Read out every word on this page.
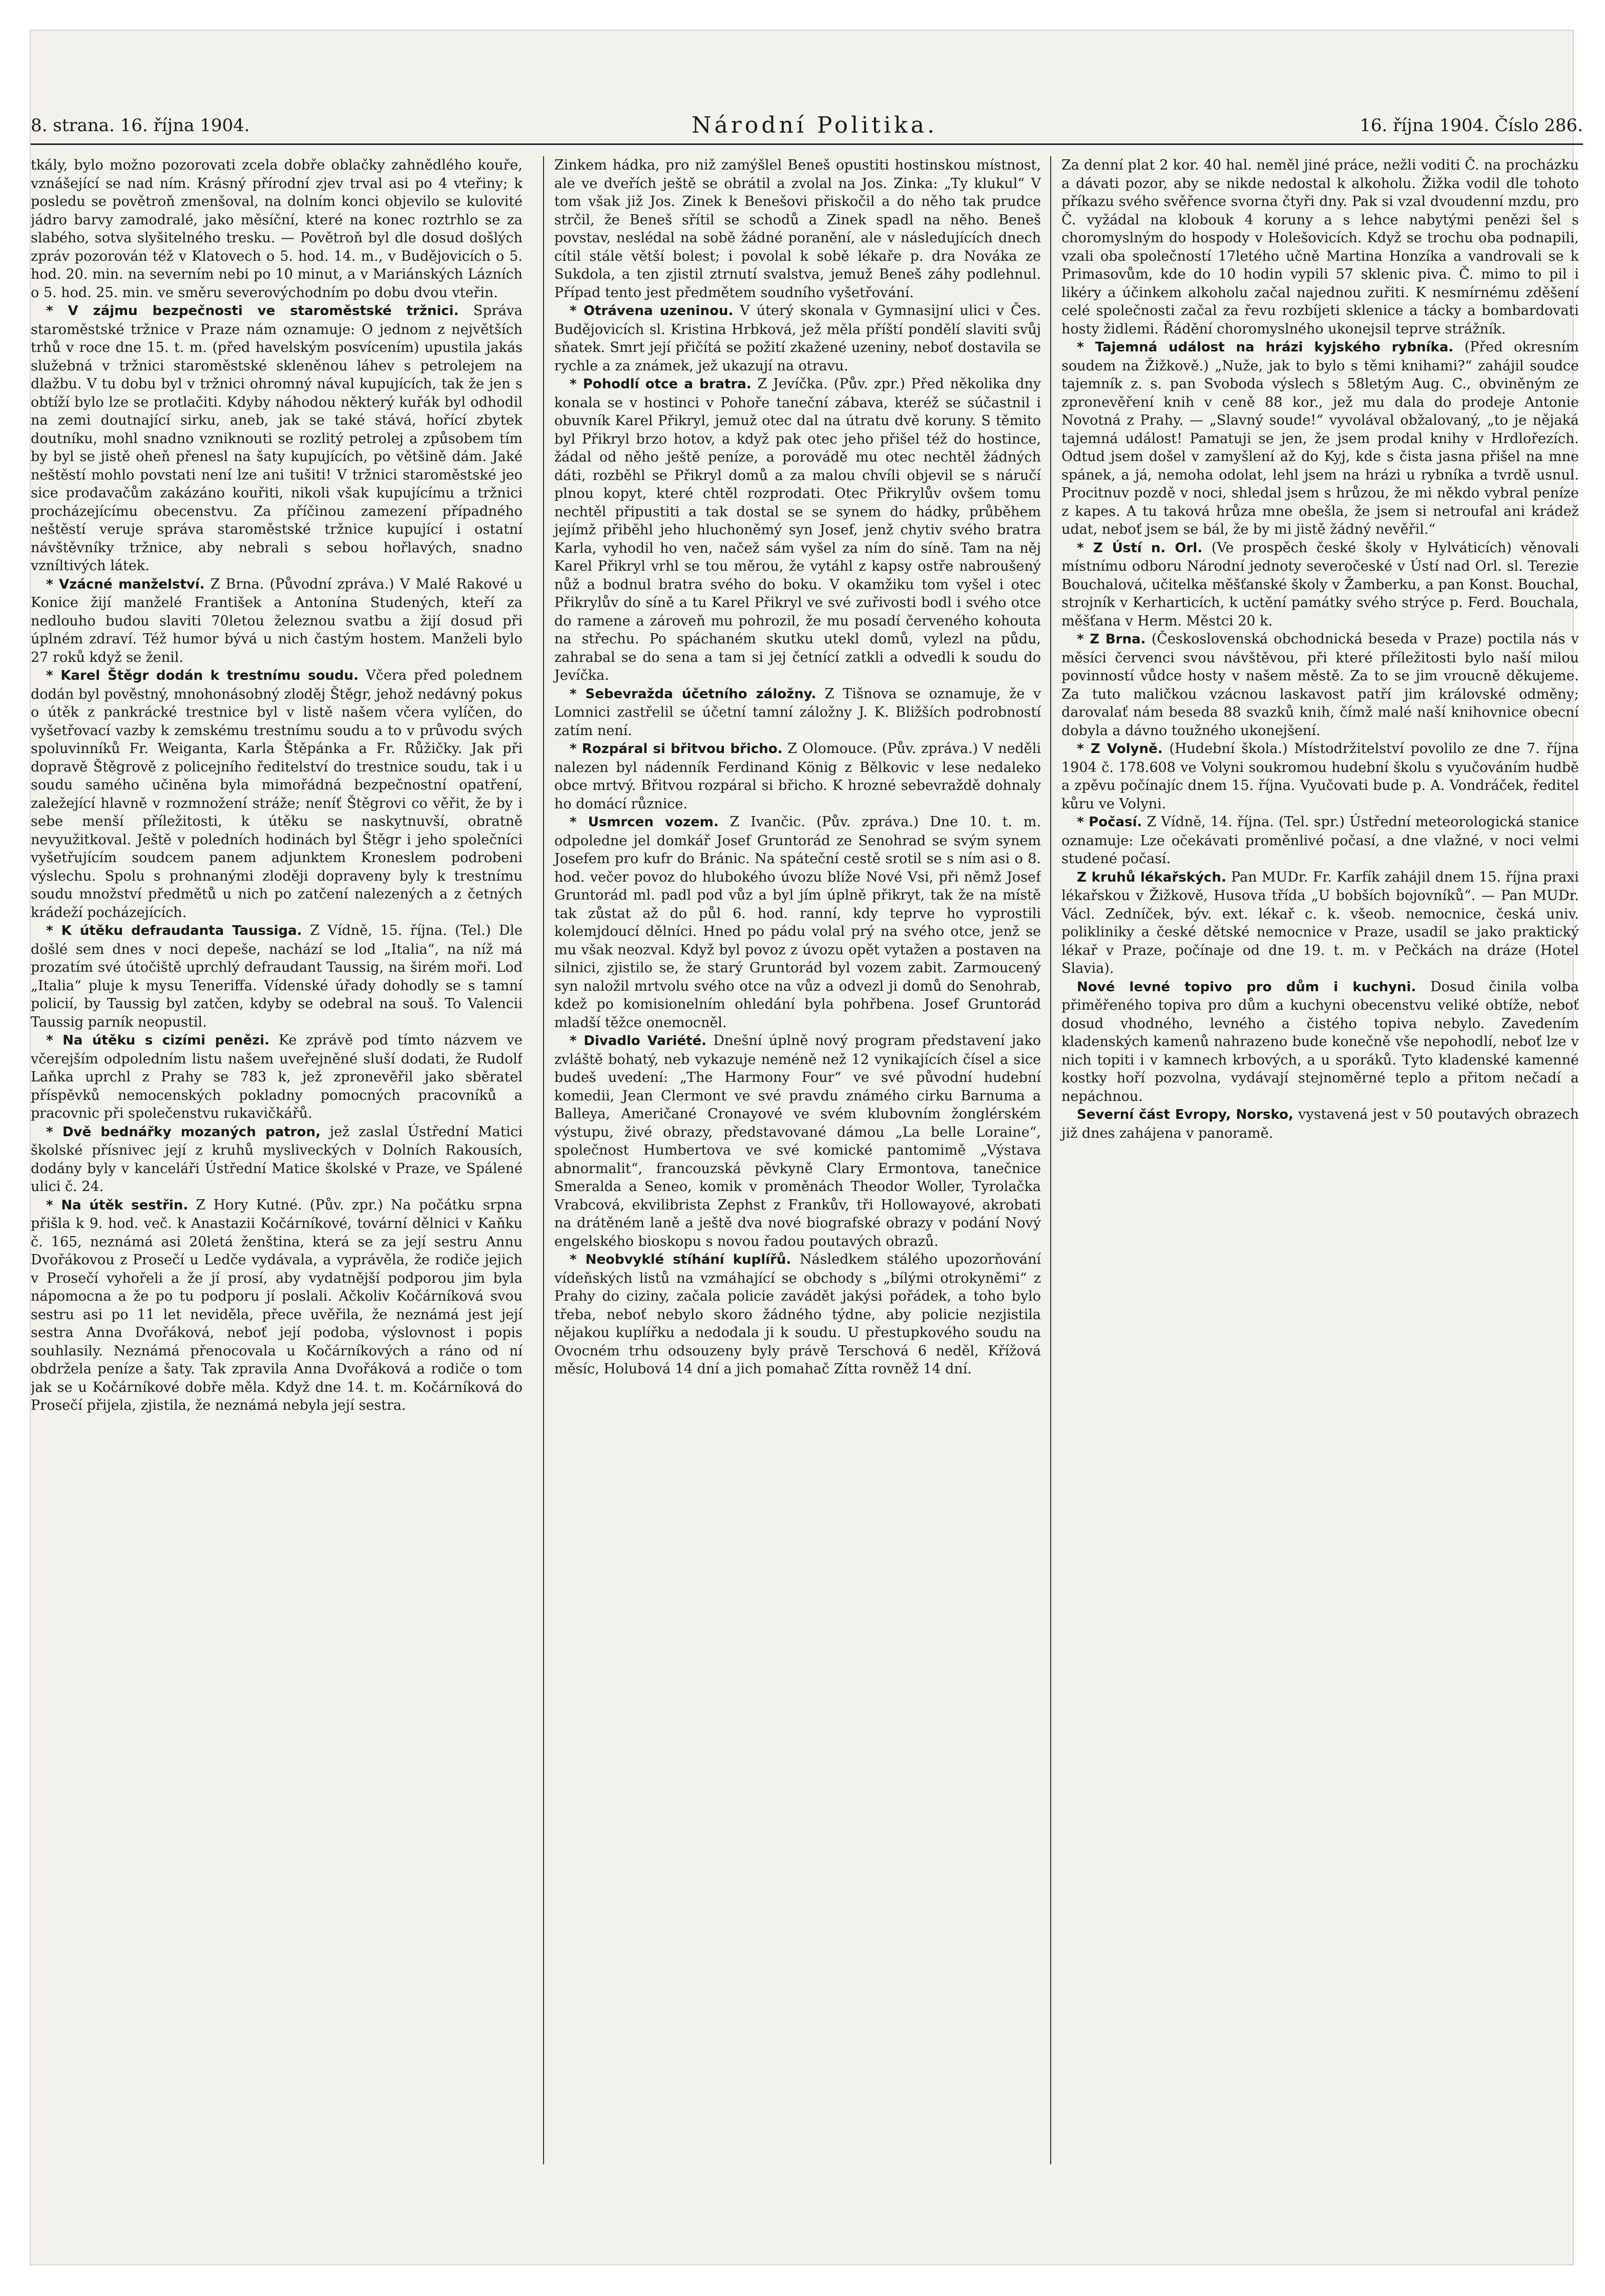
8. strana. 16. října 1904.	Národní Politika.	16. října 1904. Číslo 286.

tkály, bylo možno pozorovati zcela dobře oblačky zahnědlého kouře, vznášející se nad ním. Krásný přírodní zjev trval asi po 4 vteřiny; k posledu se povětroň zmenšoval, na dolním konci objevilo se kulovité jádro barvy zamodralé, jako měsíční, které na konec roztrhlo se za slabého, sotva slyšitelného tresku. — Povětroň byl dle dosud došlých zpráv pozorován též v Klatovech o 5. hod. 14. m., v Budějovicích o 5. hod. 20. min. na severním nebi po 10 minut, a v Mariánských Lázních o 5. hod. 25. min. ve směru severovýchodním po dobu dvou vteřin.

* V zájmu bezpečnosti ve staroměstské tržnici. Správa staroměstské tržnice v Praze nám oznamuje: O jednom z největších trhů v roce dne 15. t. m. (před havelským posvícením) upustila jakás služebná v tržnici staroměstské skleněnou láhev s petrolejem na dlažbu. V tu dobu byl v tržnici ohromný nával kupujících, tak že jen s obtíží bylo lze se protlačiti. Kdyby náhodou některý kuřák byl odhodil na zemi doutnající sirku, aneb, jak se také stává, hořící zbytek doutníku, mohl snadno vzniknouti se rozlitý petrolej a způsobem tím by byl se jistě oheň přenesl na šaty kupujících, po většině dám. Jaké neštěstí mohlo povstati není lze ani tušiti! V tržnici staroměstské jeo sice prodavačům zakázáno kouřiti, nikoli však kupujícímu a tržnici procházejícímu obecenstvu. Za příčinou zamezení případného neštěstí veruje správa staroměstské tržnice kupující i ostatní návštěvníky tržnice, aby nebrali s sebou hořlavých, snadno vzníltivých látek.

* Vzácné manželství. Z Brna. (Původní zpráva.) V Malé Rakové u Konice žijí manželé František a Antonína Studených, kteří za nedlouho budou slaviti 70letou železnou svatbu a žijí dosud při úplném zdraví. Též humor bývá u nich častým hostem. Manželi bylo 27 roků když se ženil.

* Karel Štěgr dodán k trestnímu soudu. Včera před polednem dodán byl pověstný, mnohonásobný zloděj Štěgr, jehož nedávný pokus o útěk z pankrácké trestnice byl v listě našem včera vylíčen, do vyšetřovací vazby k zemskému trestnímu soudu a to v průvodu svých spoluvinníků Fr. Weiganta, Karla Štěpánka a Fr. Růžičky. Jak při dopravě Štěgrově z policejního ředitelství do trestnice soudu, tak i u soudu samého učiněna byla mimořádná bezpečnostní opatření, zaležející hlavně v rozmnožení stráže; neníť Štěgrovi co věřit, že by i sebe menší příležitosti, k útěku se naskytnuvší, obratně nevyužitkoval. Ještě v poledních hodinách byl Štěgr i jeho společníci vyšetřujícím soudcem panem adjunktem Kroneslem podrobeni výslechu. Spolu s prohnanými zloději dopraveny byly k trestnímu soudu množství předmětů u nich po zatčení nalezených a z četných krádeží pocházejících.

* K útěku defraudanta Taussiga. Z Vídně, 15. října. (Tel.) Dle došlé sem dnes v noci depeše, nachází se lod „Italia“, na níž má prozatím své útočiště uprchlý defraudant Taussig, na širém moři. Loď „Italia“ pluje k mysu Teneriffa. Vídenské úřady dohodly se s tamní policií, by Taussig byl zatčen, kdyby se odebral na souš. To Valencii Taussig parník neopustil.

* Na útěku s cizími penězi. Ke zprávě pod tímto názvem ve včerejším odpoledním listu našem uveřejněné sluší dodati, že Rudolf Laňka uprchl z Prahy se 783 k, jež zpronevěřil jako sběratel příspěvků nemocenských pokladny pomocných pracovníků a pracovnic při společenstvu rukavičkářů.

* Dvě bednářky mozaných patron, jež zaslal Ústřední Matici školské přísnivec její z kruhů mysliveckých v Dolních Rakousích, dodány byly v kanceláři Ústřední Matice školské v Praze, ve Spálené ulici č. 24.

* Na útěk sestřin. Z Hory Kutné. (Pův. zpr.) Na počátku srpna přišla k 9. hod. več. k Anastazii Kočárníkové, tovární dělnici v Kaňku č. 165, neznámá asi 20letá ženština, která se za její sestru Annu Dvořákovou z Prosečí u Ledče vydávala, a vyprávěla, že rodiče jejich v Prosečí vyhořeli a že jí prosí, aby vydatnější podporou jim byla nápomocna a že po tu podporu jí poslali. Ačkoliv Kočárníková svou sestru asi po 11 let neviděla, přece uvěřila, že neznámá jest její sestra Anna Dvořáková, neboť její podoba, výslovnost i popis souhlasily. Neznámá přenocovala u Kočárníkových a ráno od ní obdržela peníze a šaty. Tak zpravila Anna Dvořáková a rodiče o tom jak se u Kočárníkové dobře měla. Když dne 14. t. m. Kočárníková do Prosečí přijela, zjistila, že neznámá nebyla její sestra.

Zinkem hádka, pro niž zamýšlel Beneš opustiti hostinskou místnost, ale ve dveřích ještě se obrátil a zvolal na Jos. Zinka: „Ty klukul“ V tom však již Jos. Zinek k Benešovi přiskočil a do něho tak prudce strčil, že Beneš sřítil se schodů a Zinek spadl na něho. Beneš povstav, neslédal na sobě žádné poranění, ale v následujících dnech cítil stále větší bolest; i povolal k sobě lékaře p. dra Nováka ze Sukdola, a ten zjistil ztrnutí svalstva, jemuž Beneš záhy podlehnul. Případ tento jest předmětem soudního vyšetřování.

* Otrávena uzeninou. V úterý skonala v Gymnasijní ulici v Čes. Budějovicích sl. Kristina Hrbková, jež měla příští pondělí slaviti svůj sňatek. Smrt její přičítá se požití zkažené uzeniny, neboť dostavila se rychle a za známek, jež ukazují na otravu.

* Pohodlí otce a bratra. Z Jevíčka. (Pův. zpr.) Před několika dny konala se v hostinci v Pohoře taneční zábava, kteréž se súčastnil i obuvník Karel Přikryl, jemuž otec dal na útratu dvě koruny. S těmito byl Přikryl brzo hotov, a když pak otec jeho přišel též do hostince, žádal od něho ještě peníze, a porovádě mu otec nechtěl žádných dáti, rozběhl se Přikryl domů a za malou chvíli objevil se s náručí plnou kopyt, které chtěl rozprodati. Otec Přikrylův ovšem tomu nechtěl připustiti a tak dostal se se synem do hádky, průběhem jejímž přiběhl jeho hluchoněmý syn Josef, jenž chytiv svého bratra Karla, vyhodil ho ven, načež sám vyšel za ním do síně. Tam na něj Karel Přikryl vrhl se tou měrou, že vytáhl z kapsy ostře nabroušený nůž a bodnul bratra svého do boku. V okamžiku tom vyšel i otec Přikrylův do síně a tu Karel Přikryl ve své zuřivosti bodl i svého otce do ramene a zároveň mu pohrozil, že mu posadí červeného kohouta na střechu. Po spáchaném skutku utekl domů, vylezl na půdu, zahrabal se do sena a tam si jej četnící zatkli a odvedli k soudu do Jevíčka.

* Sebevražda účetního záložny. Z Tišnova se oznamuje, že v Lomnici zastřelil se účetní tamní záložny J. K. Bližších podrobností zatím není.

* Rozpáral si břitvou břicho. Z Olomouce. (Pův. zpráva.) V neděli nalezen byl nádenník Ferdinand König z Bělkovic v lese nedaleko obce mrtvý. Břitvou rozpáral si břicho. K hrozné sebevraždě dohnaly ho domácí různice.

* Usmrcen vozem. Z Ivančic. (Pův. zpráva.) Dne 10. t. m. odpoledne jel domkář Josef Gruntorád ze Senohrad se svým synem Josefem pro kufr do Bránic. Na spáteční cestě srotil se s ním asi o 8. hod. večer povoz do hlubokého úvozu blíže Nové Vsi, při němž Josef Gruntorád ml. padl pod vůz a byl jím úplně přikryt, tak že na místě tak zůstat až do půl 6. hod. ranní, kdy teprve ho vyprostili kolemjdoucí dělníci. Hned po pádu volal prý na svého otce, jenž se mu však neozval. Když byl povoz z úvozu opět vytažen a postaven na silnici, zjistilo se, že starý Gruntorád byl vozem zabit. Zarmoucený syn naložil mrtvolu svého otce na vůz a odvezl ji domů do Senohrab, kdež po komisionelním ohledání byla pohřbena. Josef Gruntorád mladší těžce onemocněl.

* Divadlo Variété. Dnešní úplně nový program představení jako zvláště bohatý, neb vykazuje neméně než 12 vynikajících čísel a sice budeš uvedení: „The Harmony Four“ ve své původní hudební komedii, Jean Clermont ve své pravdu známého cirku Barnuma a Balleya, Američané Cronayové ve svém klubovním žonglérském výstupu, živé obrazy, představované dámou „La belle Loraine“, společnost Humbertova ve své komické pantomimě „Výstava abnormalit“, francouzská pěvkyně Clary Ermontova, tanečnice Smeralda a Seneo, komik v proměnách Theodor Woller, Tyrolačka Vrabcová, ekvilibrista Zephst z Frankův, tři Hollowayové, akrobati na drátěném laně a ještě dva nové biografské obrazy v podání Nový engelského bioskopu s novou řadou poutavých obrazů.

* Neobvyklé stíhání kuplířů. Následkem stálého upozorňování vídeňských listů na vzmáhající se obchody s „bílými otrokyněmi“ z Prahy do ciziny, začala policie zavádět jakýsi pořádek, a toho bylo třeba, neboť nebylo skoro žádného týdne, aby policie nezjistila nějakou kuplířku a nedodala ji k soudu. U přestupkového soudu na Ovocném trhu odsouzeny byly právě Terschová 6 neděl, Křížová měsíc, Holubová 14 dní a jich pomahač Zítta rovněž 14 dní.

Za denní plat 2 kor. 40 hal. neměl jiné práce, nežli voditi Č. na procházku a dávati pozor, aby se nikde nedostal k alkoholu. Žižka vodil dle tohoto příkazu svého svěřence svorna čtyři dny. Pak si vzal dvoudenní mzdu, pro Č. vyžádal na klobouk 4 koruny a s lehce nabytými penězi šel s choromyslným do hospody v Holešovicích. Když se trochu oba podnapili, vzali oba společností 17letého učně Martina Honzíka a vandrovali se k Primasovům, kde do 10 hodin vypili 57 sklenic piva. Č. mimo to pil i likéry a účinkem alkoholu začal najednou zuřiti. K nesmírnému zděšení celé společnosti začal za řevu rozbíjeti sklenice a tácky a bombardovati hosty židlemi. Řádění choromyslného ukonejsil teprve strážník.

* Tajemná událost na hrázi kyjského rybníka. (Před okresním soudem na Žižkově.) „Nuže, jak to bylo s těmi knihami?“ zahájil soudce tajemník z. s. pan Svoboda výslech s 58letým Aug. C., obviněným ze zpronevěření knih v ceně 88 kor., jež mu dala do prodeje Antonie Novotná z Prahy. — „Slavný soude!“ vyvolával obžalovaný, „to je nějaká tajemná událost! Pamatuji se jen, že jsem prodal knihy v Hrdlořezích. Odtud jsem došel v zamyšlení až do Kyj, kde s čista jasna přišel na mne spánek, a já, nemoha odolat, lehl jsem na hrázi u rybníka a tvrdě usnul. Procitnuv pozdě v noci, shledal jsem s hrůzou, že mi někdo vybral peníze z kapes. A tu taková hrůza mne obešla, že jsem si netroufal ani krádež udat, neboť jsem se bál, že by mi jistě žádný nevěřil.“

* Z Ústí n. Orl. (Ve prospěch české školy v Hylváticích) věnovali místnímu odboru Národní jednoty severočeské v Ústí nad Orl. sl. Terezie Bouchalová, učitelka měšťanské školy v Žamberku, a pan Konst. Bouchal, strojník v Kerharticích, k uctění památky svého strýce p. Ferd. Bouchala, měšťana v Herm. Městci 20 k.

* Z Brna. (Československá obchodnická beseda v Praze) poctila nás v měsíci červenci svou návštěvou, při které příležitosti bylo naší milou povinností vůdce hosty v našem městě. Za to se jim vroucně děkujeme. Za tuto maličkou vzácnou laskavost patří jim královské odměny; darovalať nám besedа 88 svazků knih, čímž malé naší knihovnice obecní dobyla a dávno toužného ukonejšení.

* Z Volyně. (Hudební škola.) Místodržitelství povolilo ze dne 7. října 1904 č. 178.608 ve Volyni soukromou hudební školu s vyučováním hudbě a zpěvu počínajíc dnem 15. října. Vyučovati bude p. A. Vondráček, ředitel kůru ve Volyni.

* Počasí. Z Vídně, 14. října. (Tel. spr.) Ústřední meteorologická stanice oznamuje: Lze očekávati proměnlivé počasí, a dne vlažné, v noci velmi studené počasí.

Z kruhů lékařských. Pan MUDr. Fr. Karfík zahájil dnem 15. října praxi lékařskou v Žižkově, Husova třída „U bobších bojovníků“. — Pan MUDr. Václ. Zedníček, býv. ext. lékař c. k. všeob. nemocnice, česká univ. polikliniky a české dětské nemocnice v Praze, usadil se jako praktický lékař v Praze, počínaje od dne 19. t. m. v Pečkách na dráze (Hotel Slavia).

Nové levné topivo pro dům i kuchyni. Dosud činila volba přiměřeného topiva pro dům a kuchyni obecenstvu veliké obtíže, neboť dosud vhodného, levného a čistého topiva nebylo. Zavedením kladenských kamenů nahrazeno bude konečně vše nepohodlí, neboť lze v nich topiti i v kamnech krbových, a u sporáků. Tyto kladenské kamenné kostky hoří pozvolna, vydávají stejnoměrné teplo a přitom nečadí a nepáchnou.

Severní část Evropy, Norsko, vystavená jest v 50 poutavých obrazech již dnes zahájena v panoramě.
